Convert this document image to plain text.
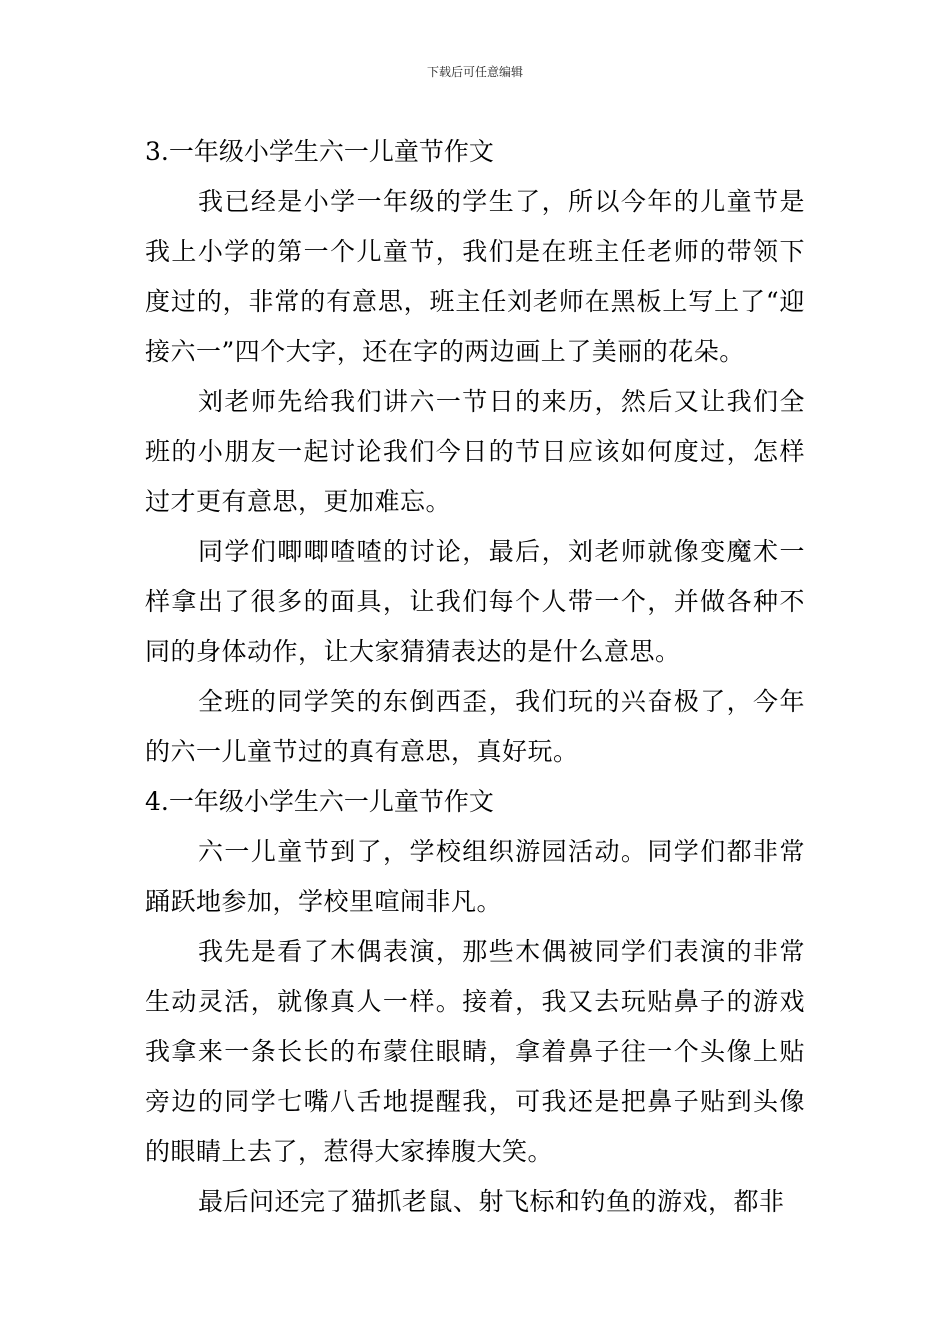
下载后可任意编辑
3.一年级小学生六一儿童节作文

我已经是小学一年级的学生了，所以今年的儿童节是我上小学的第一个儿童节，我们是在班主任老师的带领下度过的，非常的有意思，班主任刘老师在黑板上写上了“迎接六一”四个大字，还在字的两边画上了美丽的花朵。

刘老师先给我们讲六一节日的来历，然后又让我们全班的小朋友一起讨论我们今日的节日应该如何度过，怎样过才更有意思，更加难忘。

同学们唧唧喳喳的讨论，最后，刘老师就像变魔术一样拿出了很多的面具，让我们每个人带一个，并做各种不同的身体动作，让大家猜猜表达的是什么意思。

全班的同学笑的东倒西歪，我们玩的兴奋极了，今年的六一儿童节过的真有意思，真好玩。

4.一年级小学生六一儿童节作文

六一儿童节到了，学校组织游园活动。同学们都非常踊跃地参加，学校里喧闹非凡。

我先是看了木偶表演，那些木偶被同学们表演的非常生动灵活，就像真人一样。接着，我又去玩贴鼻子的游戏我拿来一条长长的布蒙住眼睛，拿着鼻子往一个头像上贴旁边的同学七嘴八舌地提醒我，可我还是把鼻子贴到头像的眼睛上去了，惹得大家捧腹大笑。

最后问还完了猫抓老鼠、射飞标和钓鱼的游戏，都非
